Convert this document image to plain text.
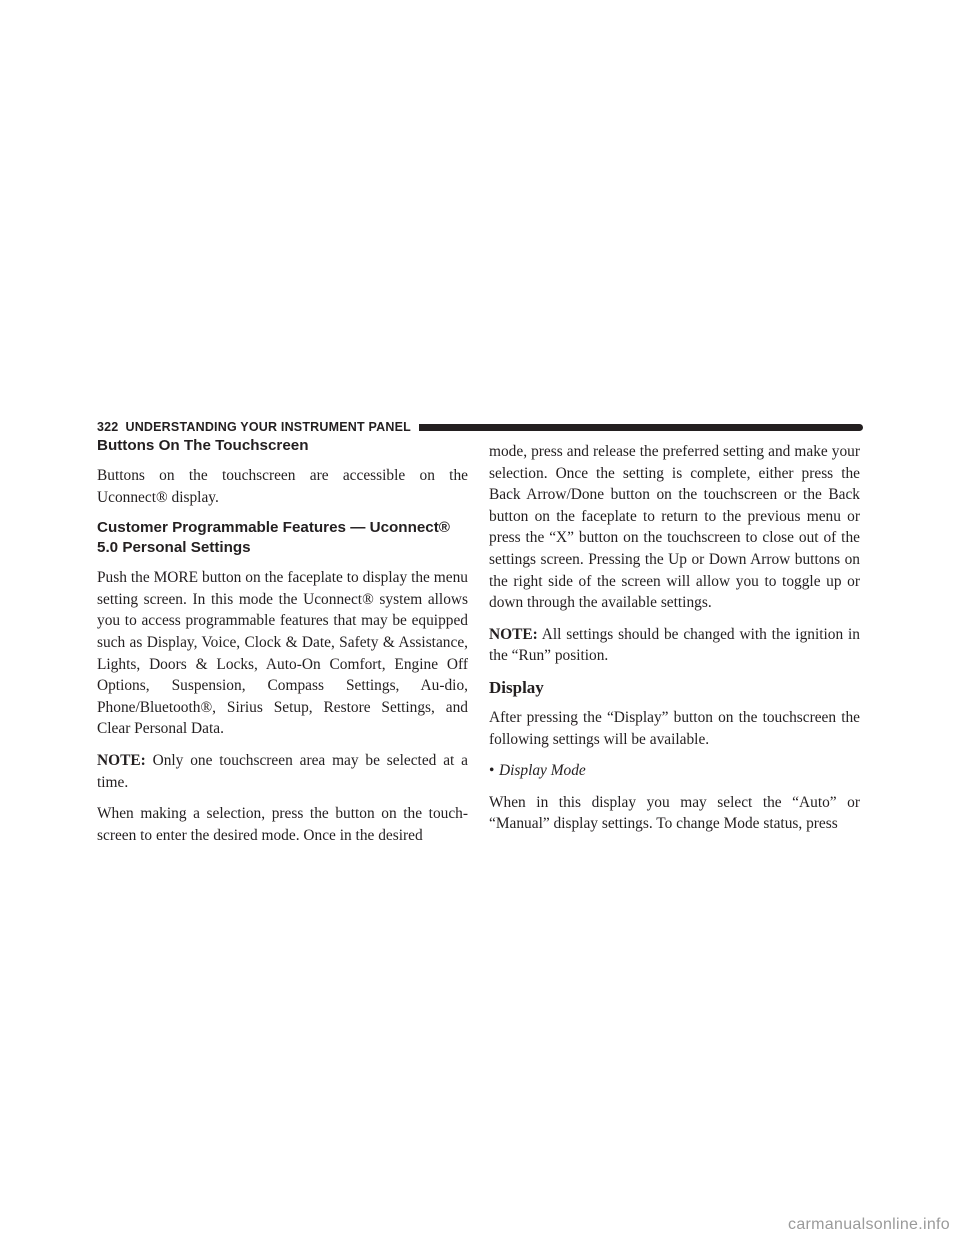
322 UNDERSTANDING YOUR INSTRUMENT PANEL
Buttons On The Touchscreen

Buttons on the touchscreen are accessible on the Uconnect® display.

Customer Programmable Features — Uconnect®
5.0 Personal Settings

Push the MORE button on the faceplate to display the menu setting screen. In this mode the Uconnect® system allows you to access programmable features that may be equipped such as Display, Voice, Clock & Date, Safety & Assistance, Lights, Doors & Locks, Auto-On Comfort, Engine Off Options, Suspension, Compass Settings, Au-dio, Phone/Bluetooth®, Sirius Setup, Restore Settings, and Clear Personal Data.

NOTE: Only one touchscreen area may be selected at a time.

When making a selection, press the button on the touch-screen to enter the desired mode. Once in the desired

mode, press and release the preferred setting and make your selection. Once the setting is complete, either press the Back Arrow/Done button on the touchscreen or the Back button on the faceplate to return to the previous menu or press the “X” button on the touchscreen to close out of the settings screen. Pressing the Up or Down Arrow buttons on the right side of the screen will allow you to toggle up or down through the available settings.

NOTE: All settings should be changed with the ignition in the “Run” position.

Display

After pressing the “Display” button on the touchscreen the following settings will be available.

• Display Mode

When in this display you may select the “Auto” or “Manual” display settings. To change Mode status, press

carmanualsonline.info
